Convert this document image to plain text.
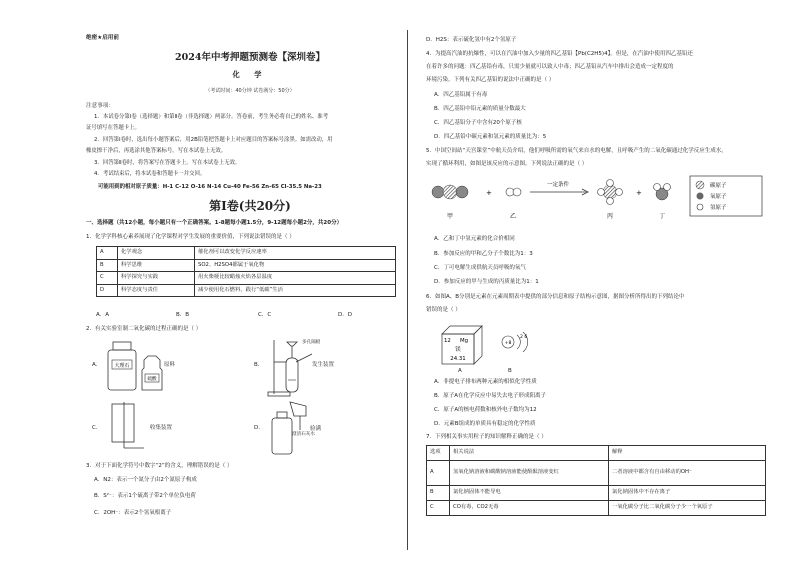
绝密★启用前
2024年中考押题预测卷【深圳卷】
化 学
（考试时间：40分钟 试卷满分：50分）
注意事项：
1．本试卷分第Ⅰ卷（选择题）和第Ⅱ卷（非选择题）两部分。答卷前，考生务必将自己的姓名、准考
证号填写在答题卡上。
2．回答第Ⅰ卷时，选出每小题答案后，用2B铅笔把答题卡上对应题目的答案标号涂黑。如需改动，用
橡皮擦干净后，再选涂其他答案标号。写在本试卷上无效。
3．回答第Ⅱ卷时，将答案写在答题卡上。写在本试卷上无效。
4．考试结束后，将本试卷和答题卡一并交回。
可能用到的相对原子质量：H-1 C-12 O-16 N-14 Cu-40 Fe-56 Zn-65 Cl-35.5 Na-23
第Ⅰ卷(共20分)
一、选择题（共12小题，每小题只有一个正确答案。1-8题每小题1.5分，9-12题每小题2分，共20分）
1．化学学科核心素养展现了化学课程对学生发展的重要价值，下列说法错误的是（ ）
A	化学观念	催化剂可以改变化学反应速率
B	科学思维	SO2、H2SO4都属于氧化物
C	科学探究与实践	用火柴梗比较蜡烛火焰各层温度
D	科学态度与责任	减少使用化石燃料，践行“低碳”生活
A．A	B．B	C．C	D．D
2．有关实验室制二氧化碳的过程正确的是（ ）
A．	大理石
硫酸
原料	B．
多孔隔板
发生装置
C．	收集装置	D．	验满
澄清石灰水
3．对于下面化学符号中数字“2”的含义，理解错误的是（ ）
A．N2：表示一个氮分子由2个氮原子构成
B．S²⁻：表示1个硫离子带2个单位负电荷
C．2OH⁻：表示2个氢氧根离子
D．H2S：表示硫化氢中有2个氢原子
4．为提高汽油的抗爆性，可以在汽油中加入少量的四乙基铅【Pb(C2H5)4】。但是，在汽油中使用四乙基铅还
在着许多的问题：四乙基铅有毒，只需少量就可以致人中毒；四乙基铅从汽车中排出会造成一定程度的
环境污染。下列有关四乙基铅的说法中正确的是（ ）
A．四乙基铅属于有毒
B．四乙基铅中铅元素的质量分数最大
C．四乙基铅分子中含有20个原子核
D．四乙基铅中碳元素和氢元素的质量比为：5
5．中国空间站“天宫课堂”中航天员介绍，他们呼吸所需的氧气来自水的电解，且呼吸产生的二氧化碳通过化学反应生成水，
实现了循环利用，如图是该反应的示意图。下列说法正确的是（ ）
+
一定条件
+
碳原子
氧原子
氢原子
甲	乙	丙	丁
A．乙和丁中氢元素的化合价相同
B．参加反应的甲和乙分子个数比为1：3
C．丁可电解生成供航天员呼吸的氧气
D．参加反应的甲与生成的丙质量比为1：1
6．如图A、B分别是元素在元素周期表中提供的部分信息和原子结构示意图，据图分析所得出的下列结论中
错误的是（ ）
12 Mg
镁
24.31
+8
2 6
A	B
A．非提电子排布两种元素的相似化学性质
B．原子A在化学反应中易失去电子形成阳离子
C．原子A的核电荷数和核外电子数均为12
D．元素B组成的单质具有稳定的化学性质
7．下列相关事实用粒子的知识解释正确的是（ ）
选项	相关说法	解释
A	氢氧化钠溶液和碳酸钠溶液能使酚酞溶液变红	二者溶液中都含有自由移动的OH⁻
B	氯化钠固体不能导电	氯化钠固体中不存在离子
C	CO有毒，CO2无毒	一氧化碳分子比二氧化碳分子少一个氧原子
